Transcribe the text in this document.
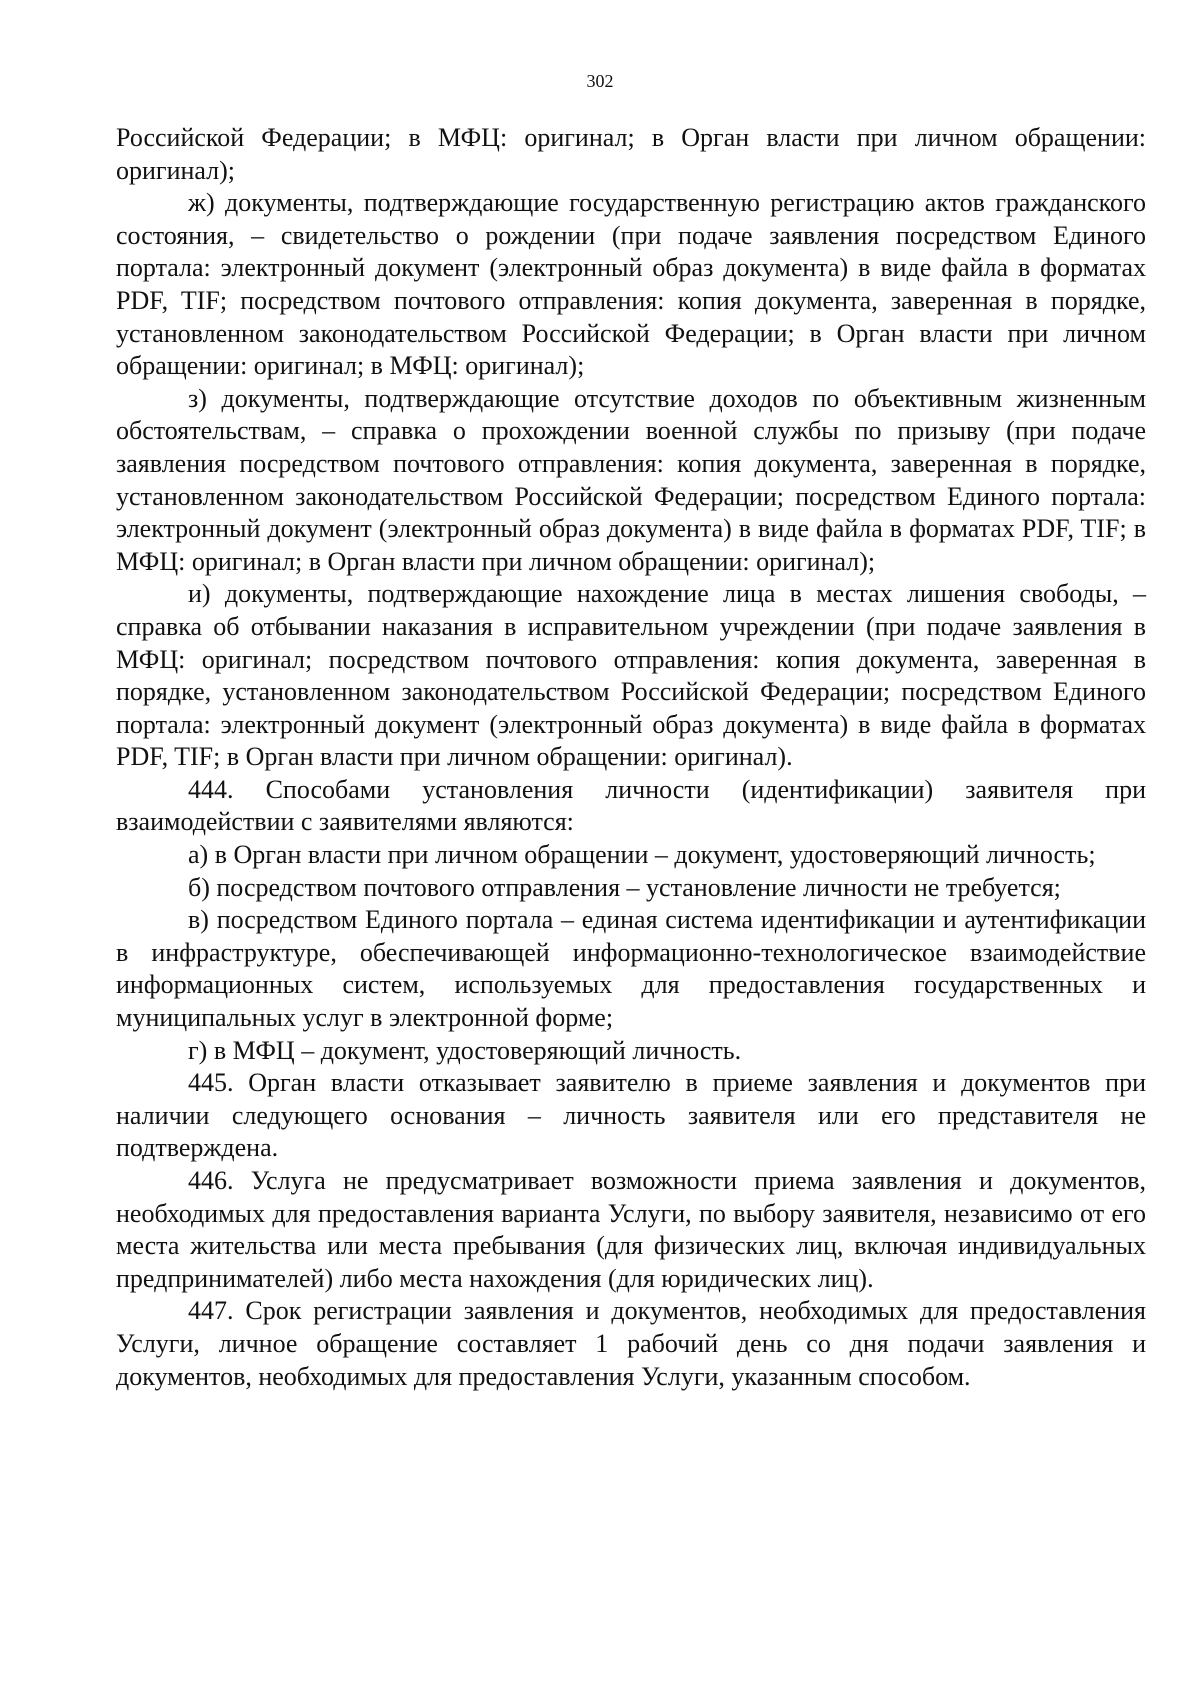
302

Российской Федерации; в МФЦ: оригинал; в Орган власти при личном обращении: оригинал);

ж) документы, подтверждающие государственную регистрацию актов гражданского состояния, – свидетельство о рождении (при подаче заявления посредством Единого портала: электронный документ (электронный образ документа) в виде файла в форматах PDF, TIF; посредством почтового отправления: копия документа, заверенная в порядке, установленном законодательством Российской Федерации; в Орган власти при личном обращении: оригинал; в МФЦ: оригинал);

з) документы, подтверждающие отсутствие доходов по объективным жизненным обстоятельствам, – справка о прохождении военной службы по призыву (при подаче заявления посредством почтового отправления: копия документа, заверенная в порядке, установленном законодательством Российской Федерации; посредством Единого портала: электронный документ (электронный образ документа) в виде файла в форматах PDF, TIF; в МФЦ: оригинал; в Орган власти при личном обращении: оригинал);

и) документы, подтверждающие нахождение лица в местах лишения свободы, – справка об отбывании наказания в исправительном учреждении (при подаче заявления в МФЦ: оригинал; посредством почтового отправления: копия документа, заверенная в порядке, установленном законодательством Российской Федерации; посредством Единого портала: электронный документ (электронный образ документа) в виде файла в форматах PDF, TIF; в Орган власти при личном обращении: оригинал).

444. Способами установления личности (идентификации) заявителя при взаимодействии с заявителями являются:

а) в Орган власти при личном обращении – документ, удостоверяющий личность;

б) посредством почтового отправления – установление личности не требуется;

в) посредством Единого портала – единая система идентификации и аутентификации в инфраструктуре, обеспечивающей информационно-технологическое взаимодействие информационных систем, используемых для предоставления государственных и муниципальных услуг в электронной форме;

г) в МФЦ – документ, удостоверяющий личность.

445. Орган власти отказывает заявителю в приеме заявления и документов при наличии следующего основания – личность заявителя или его представителя не подтверждена.

446. Услуга не предусматривает возможности приема заявления и документов, необходимых для предоставления варианта Услуги, по выбору заявителя, независимо от его места жительства или места пребывания (для физических лиц, включая индивидуальных предпринимателей) либо места нахождения (для юридических лиц).

447. Срок регистрации заявления и документов, необходимых для предоставления Услуги, личное обращение составляет 1 рабочий день со дня подачи заявления и документов, необходимых для предоставления Услуги, указанным способом.
